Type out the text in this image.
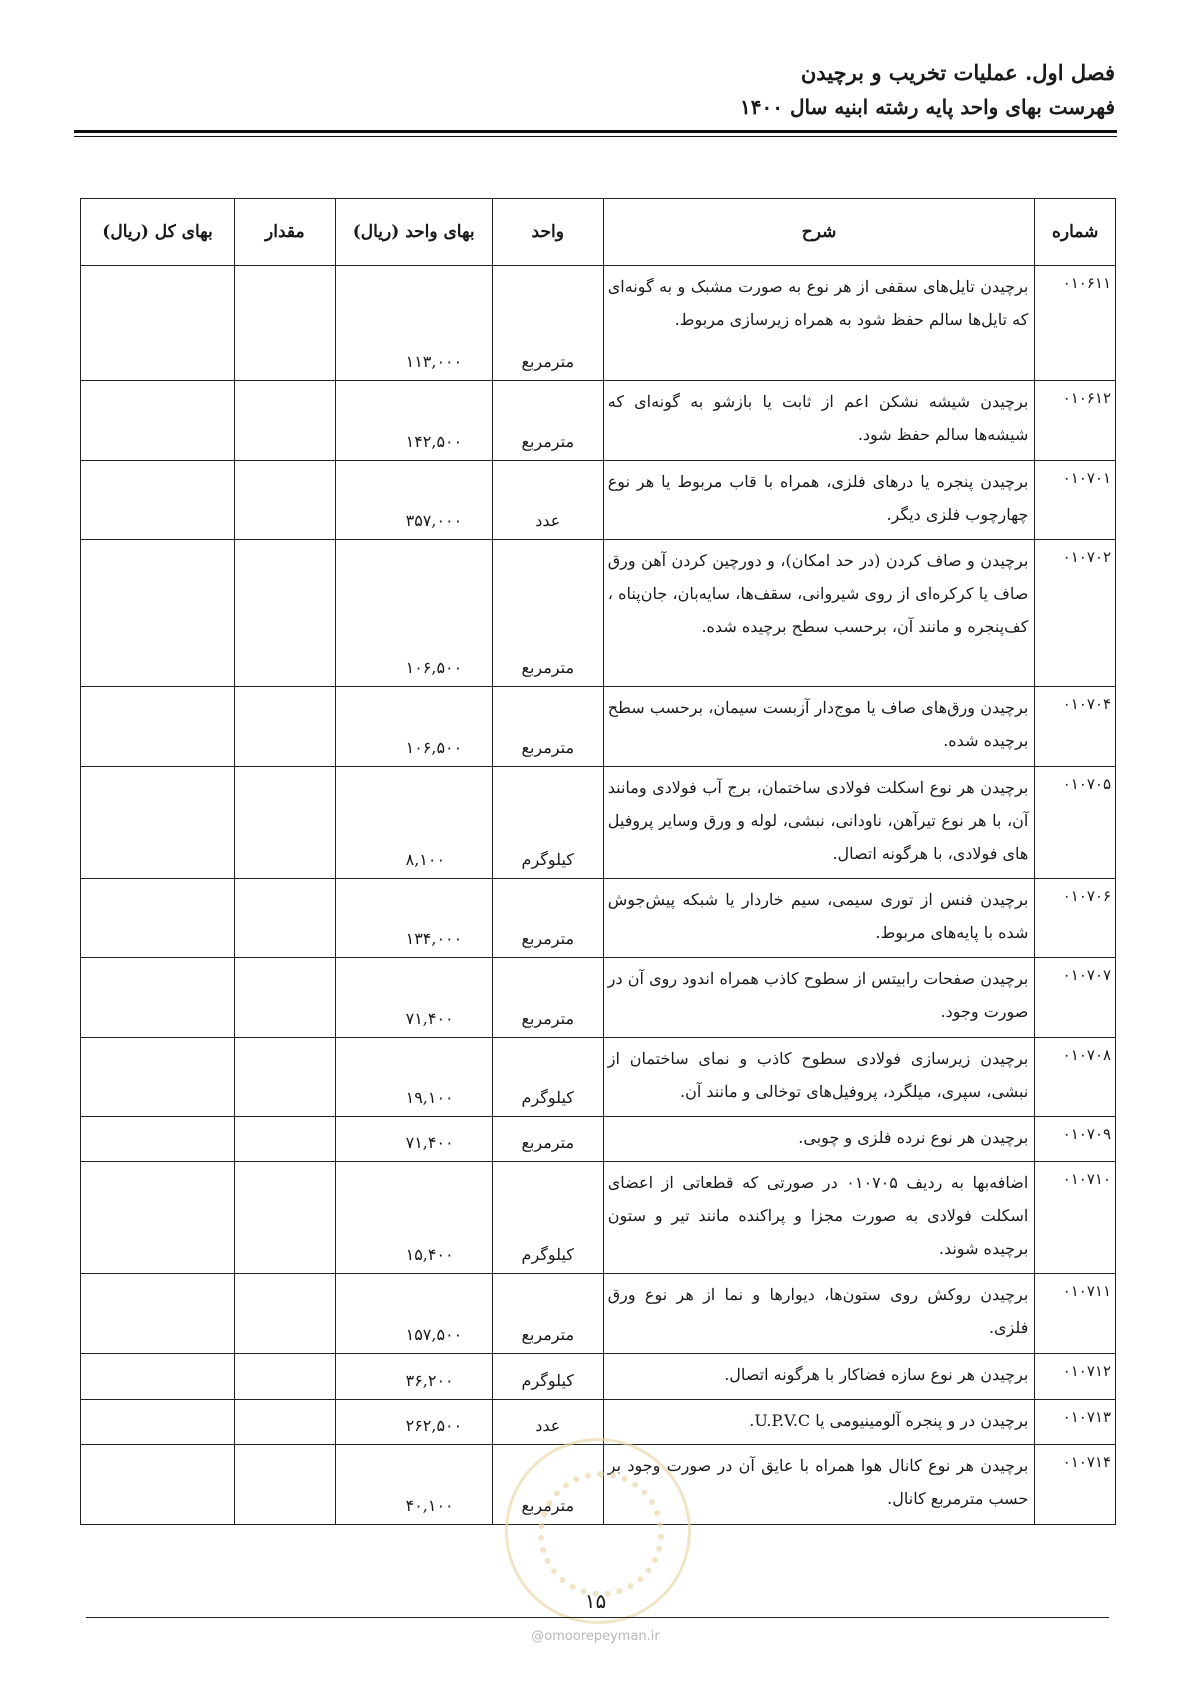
فصل اول. عملیات تخریب و برچیدن
فهرست بهای واحد پایه رشته ابنیه سال ۱۴۰۰
شماره	شرح	واحد	بهای واحد (ریال)	مقدار	بهای کل (ریال)
۰۱۰۶۱۱	برچیدن تایل‌های سقفی از هر نوع به صورت مشبک و به گونه‌ای که تایل‌ها سالم حفظ شود به همراه زیرسازی مربوط.	مترمربع	۱۱۳,۰۰۰		
۰۱۰۶۱۲	برچیدن شیشه نشکن اعم از ثابت یا بازشو به گونه‌ای که شیشه‌ها سالم حفظ شود.	مترمربع	۱۴۲,۵۰۰		
۰۱۰۷۰۱	برچیدن پنجره یا درهای فلزی، همراه با قاب مربوط یا هر نوع چهارچوب فلزی دیگر.	عدد	۳۵۷,۰۰۰		
۰۱۰۷۰۲	برچیدن و صاف کردن (در حد امکان)، و دورچین کردن آهن ورق صاف یا کرکره‌ای از روی شیروانی، سقف‌ها، سایه‌بان، جان‌پناه ، کف‌پنجره و مانند آن، برحسب سطح برچیده شده.	مترمربع	۱۰۶,۵۰۰		
۰۱۰۷۰۴	برچیدن ورق‌های صاف یا موج‌دار آزبست سیمان، برحسب سطح برچیده شده.	مترمربع	۱۰۶,۵۰۰		
۰۱۰۷۰۵	برچیدن هر نوع اسکلت فولادی ساختمان، برج آب فولادی ومانند آن، با هر نوع تیرآهن، ناودانی، نبشی، لوله و ورق وسایر پروفیل های فولادی، با هرگونه اتصال.	کیلوگرم	۸,۱۰۰		
۰۱۰۷۰۶	برچیدن فنس از توری سیمی، سیم خاردار یا شبکه پیش‌جوش شده با پایه‌های مربوط.	مترمربع	۱۳۴,۰۰۰		
۰۱۰۷۰۷	برچیدن صفحات رابیتس از سطوح کاذب همراه اندود روی آن در صورت وجود.	مترمربع	۷۱,۴۰۰		
۰۱۰۷۰۸	برچیدن زیرسازی فولادی سطوح کاذب و نمای ساختمان از نبشی، سپری، میلگرد، پروفیل‌های توخالی و مانند آن.	کیلوگرم	۱۹,۱۰۰		
۰۱۰۷۰۹	برچیدن هر نوع نرده فلزی و چوبی.	مترمربع	۷۱,۴۰۰		
۰۱۰۷۱۰	اضافه‌بها به ردیف ۰۱۰۷۰۵ در صورتی که قطعاتی از اعضای اسکلت فولادی به صورت مجزا و پراکنده مانند تیر و ستون برچیده شوند.	کیلوگرم	۱۵,۴۰۰		
۰۱۰۷۱۱	برچیدن روکش روی ستون‌ها، دیوارها و نما از هر نوع ورق فلزی.	مترمربع	۱۵۷,۵۰۰		
۰۱۰۷۱۲	برچیدن هر نوع سازه فضاکار با هرگونه اتصال.	کیلوگرم	۳۶,۲۰۰		
۰۱۰۷۱۳	برچیدن در و پنجره آلومینیومی یا U.P.V.C.	عدد	۲۶۲,۵۰۰		
۰۱۰۷۱۴	برچیدن هر نوع کانال هوا همراه با عایق آن در صورت وجود بر حسب مترمربع کانال.	مترمربع	۴۰,۱۰۰		
۱۵
@omoorepeyman.ir
